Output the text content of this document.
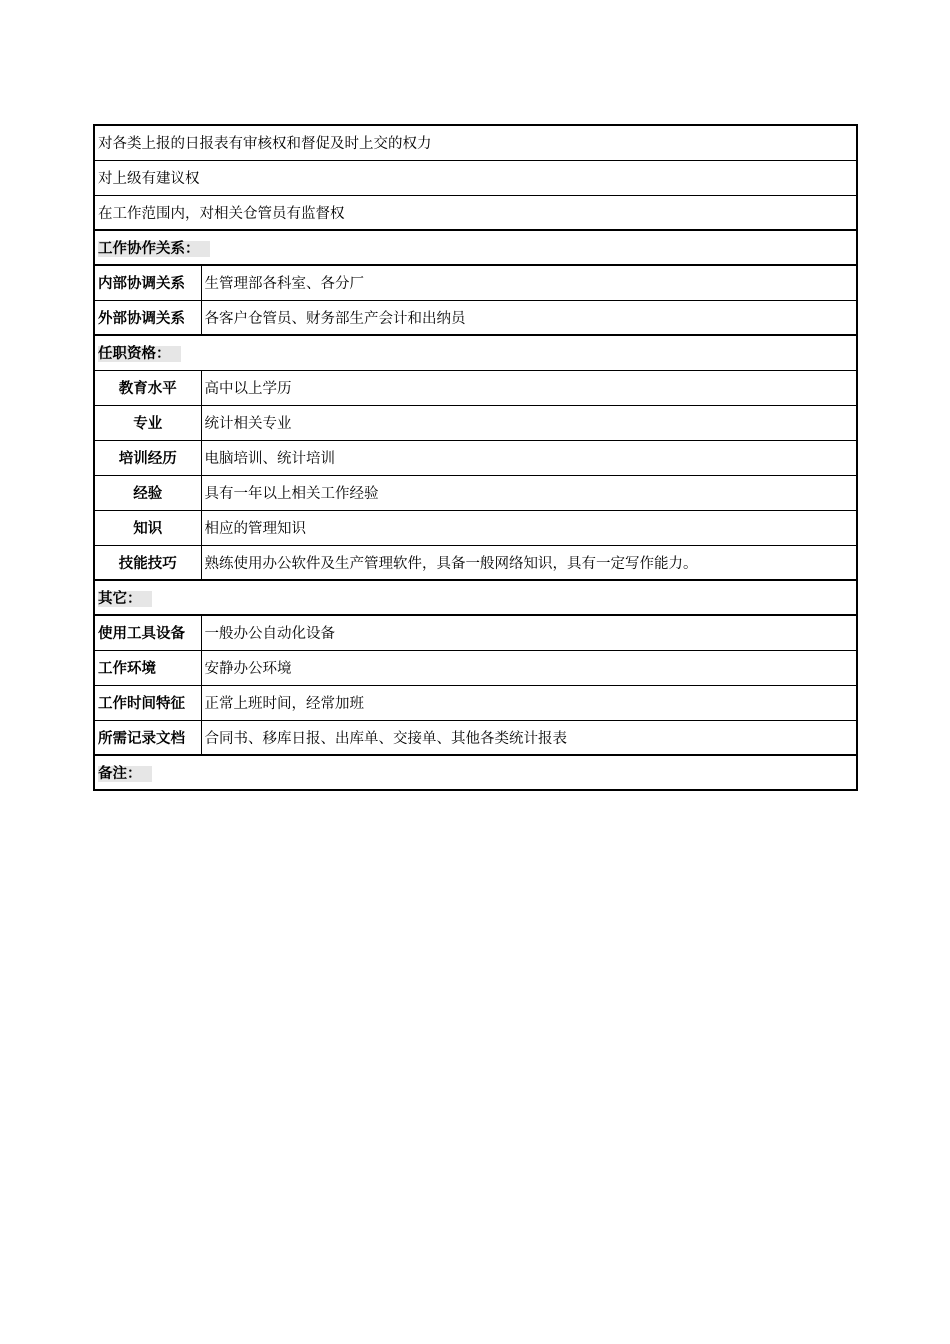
对各类上报的日报表有审核权和督促及时上交的权力	
对上级有建议权	
在工作范围内，对相关仓管员有监督权	
工作协作关系：	
内部协调关系	生管理部各科室、各分厂
外部协调关系	各客户仓管员、财务部生产会计和出纳员
任职资格：	
教育水平	高中以上学历
专业	统计相关专业
培训经历	电脑培训、统计培训
经验	具有一年以上相关工作经验
知识	相应的管理知识
技能技巧	熟练使用办公软件及生产管理软件，具备一般网络知识，具有一定写作能力。
其它：	
使用工具设备	一般办公自动化设备
工作环境	安静办公环境
工作时间特征	正常上班时间，经常加班
所需记录文档	合同书、移库日报、出库单、交接单、其他各类统计报表
备注：	
